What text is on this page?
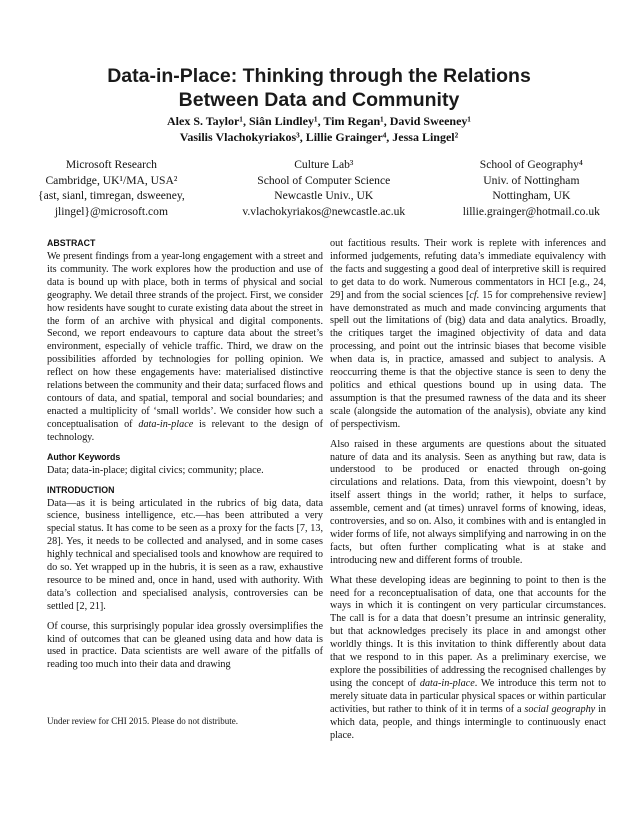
Data-in-Place: Thinking through the Relations
Between Data and Community
Alex S. Taylor¹, Siân Lindley¹, Tim Regan¹, David Sweeney¹
Vasilis Vlachokyriakos³, Lillie Grainger⁴, Jessa Lingel²
Microsoft Research
Cambridge, UK¹/MA, USA²
{ast, sianl, timregan, dsweeney,
jlingel}@microsoft.com
Culture Lab³
School of Computer Science
Newcastle Univ., UK
v.vlachokyriakos@newcastle.ac.uk
School of Geography⁴
Univ. of Nottingham
Nottingham, UK
lillie.grainger@hotmail.co.uk
ABSTRACT

We present findings from a year-long engagement with a street and its community. The work explores how the production and use of data is bound up with place, both in terms of physical and social geography. We detail three strands of the project. First, we consider how residents have sought to curate existing data about the street in the form of an archive with physical and digital components. Second, we report endeavours to capture data about the street’s environment, especially of vehicle traffic. Third, we draw on the possibilities afforded by technologies for polling opinion. We reflect on how these engagements have: materialised distinctive relations between the community and their data; surfaced flows and contours of data, and spatial, temporal and social boundaries; and enacted a multiplicity of ‘small worlds’. We consider how such a conceptualisation of data-in-place is relevant to the design of technology.

Author Keywords

Data; data-in-place; digital civics; community; place.

INTRODUCTION

Data—as it is being articulated in the rubrics of big data, data science, business intelligence, etc.—has been attributed a very special status. It has come to be seen as a proxy for the facts [7, 13, 28]. Yes, it needs to be collected and analysed, and in some cases highly technical and specialised tools and knowhow are required to do so. Yet wrapped up in the hubris, it is seen as a raw, exhaustive resource to be mined and, once in hand, used with authority. With data’s collection and specialised analysis, controversies can be settled [2, 21].

Of course, this surprisingly popular idea grossly oversimplifies the kind of outcomes that can be gleaned using data and how data is used in practice. Data scientists are well aware of the pitfalls of reading too much into their data and drawing

Under review for CHI 2015. Please do not distribute.

out factitious results. Their work is replete with inferences and informed judgements, refuting data’s immediate equivalency with the facts and suggesting a good deal of interpretive skill is required to get data to do work. Numerous commentators in HCI [e.g., 24, 29] and from the social sciences [cf. 15 for comprehensive review] have demonstrated as much and made convincing arguments that spell out the limitations of (big) data and data analytics. Broadly, the critiques target the imagined objectivity of data and data processing, and point out the intrinsic biases that become visible when data is, in practice, amassed and subject to analysis. A reoccurring theme is that the objective stance is seen to deny the politics and ethical questions bound up in using data. The assumption is that the presumed rawness of the data and its sheer scale (alongside the automation of the analysis), obviate any kind of perspectivism.

Also raised in these arguments are questions about the situated nature of data and its analysis. Seen as anything but raw, data is understood to be produced or enacted through on-going circulations and relations. Data, from this viewpoint, doesn’t by itself assert things in the world; rather, it helps to surface, assemble, cement and (at times) unravel forms of knowing, ideas, controversies, and so on. Also, it combines with and is entangled in wider forms of life, not always simplifying and narrowing in on the facts, but often further complicating what is at stake and introducing new and different forms of trouble.

What these developing ideas are beginning to point to then is the need for a reconceptualisation of data, one that accounts for the ways in which it is contingent on very particular circumstances. The call is for a data that doesn’t presume an intrinsic generality, but that acknowledges precisely its place in and amongst other worldly things. It is this invitation to think differently about data that we respond to in this paper. As a preliminary exercise, we explore the possibilities of addressing the recognised challenges by using the concept of data-in-place. We introduce this term not to merely situate data in particular physical spaces or within particular activities, but rather to think of it in terms of a social geography in which data, people, and things intermingle to continuously enact place.
